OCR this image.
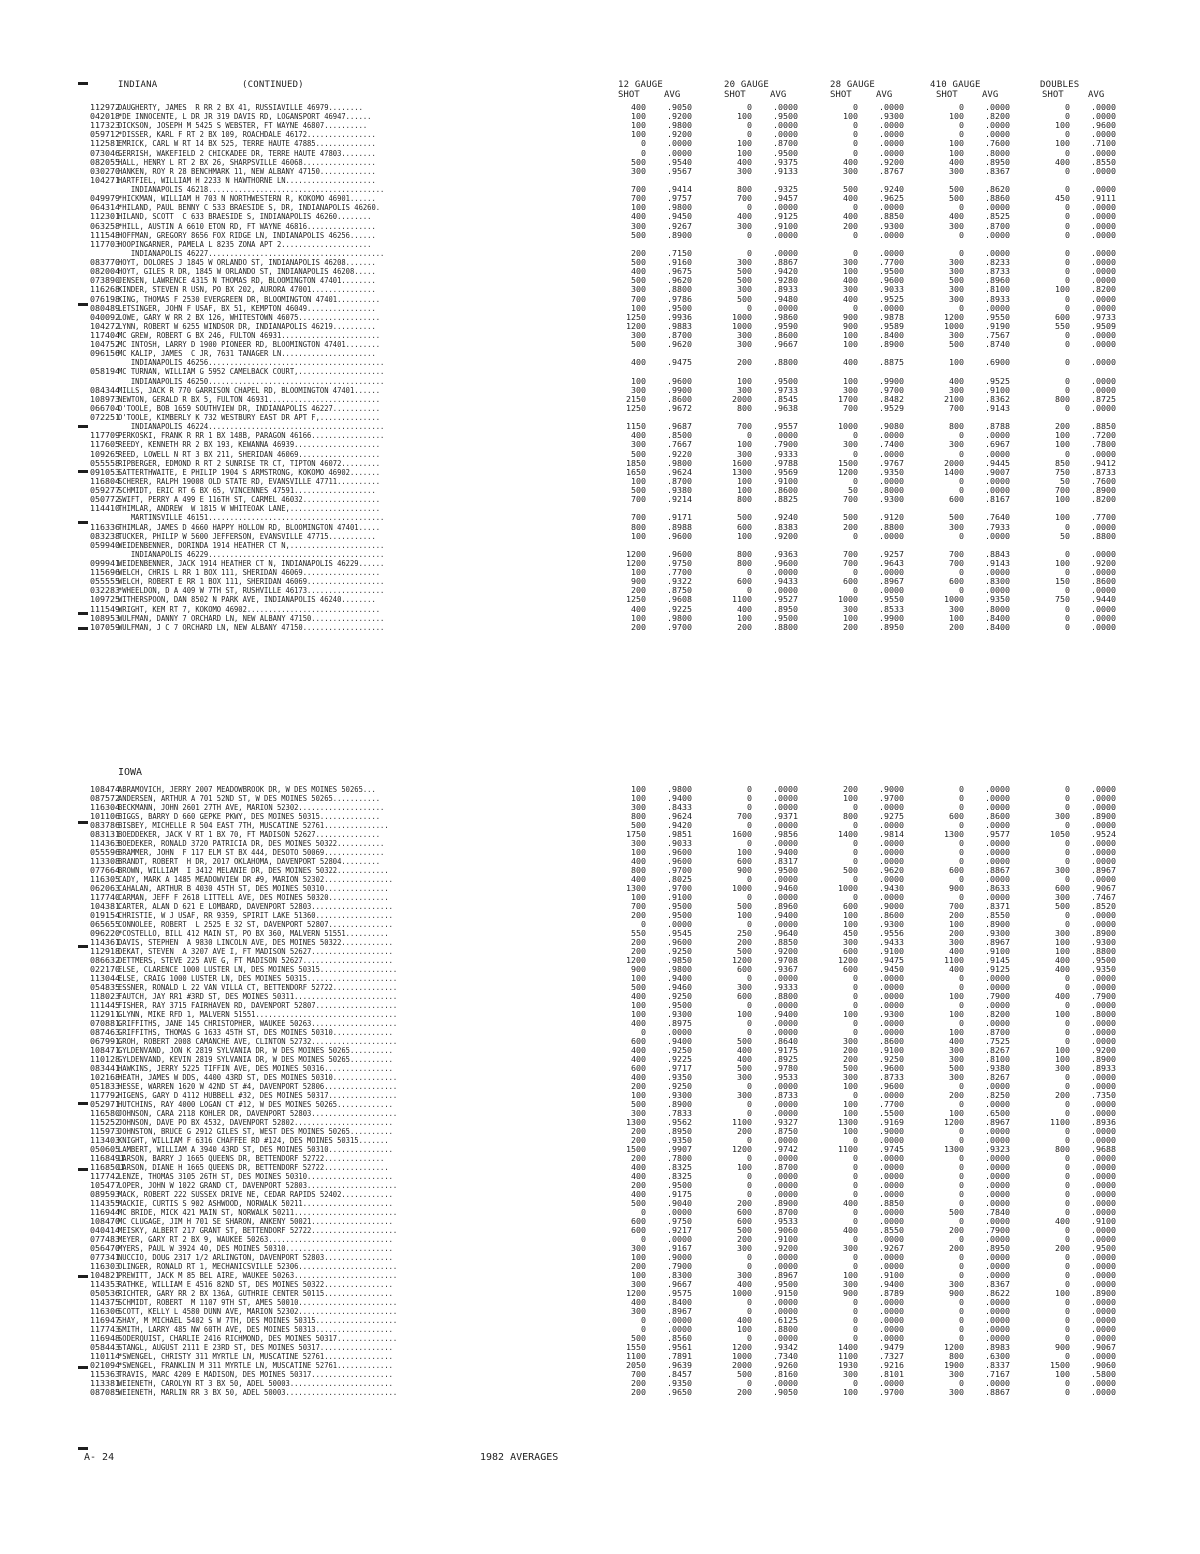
INDIANA	(CONTINUED)	12 GAUGE	20 GAUGE	28 GAUGE	410 GAUGE	DOUBLES
SHOT	AVG	SHOT	AVG	SHOT	AVG	SHOT	AVG	SHOT	AVG
112972
DAUGHERTY, JAMES  R RR 2 BX 41, RUSSIAVILLE 46979........	400	.9050	0	.0000	0	.0000	0	.0000	0	.0000
042018
*DE INNOCENTE, L DR JR 319 DAVIS RD, LOGANSPORT 46947......	100	.9200	100	.9500	100	.9300	100	.8200	0	.0000
117323
DICKSON, JOSEPH M 5425 S WEBSTER, FT WAYNE 46807..........	100	.9800	0	.0000	0	.0000	0	.0000	100	.9600
059712
*DISSER, KARL F RT 2 BX 109, ROACHDALE 46172................	100	.9200	0	.0000	0	.0000	0	.0000	0	.0000
112581
EMRICK, CARL W RT 14 BX 525, TERRE HAUTE 47885..............	0	.0000	100	.8700	0	.0000	100	.7600	100	.7100
073046
GERRISH, WAKEFIELD 2 CHICKADEE DR, TERRE HAUTE 47803........	0	.0000	100	.9500	0	.0000	100	.8000	0	.0000
082055
HALL, HENRY L RT 2 BX 26, SHARPSVILLE 46068.................	500	.9540	400	.9375	400	.9200	400	.8950	400	.8550
030270
HANKEN, ROY R 28 BENCHMARK 11, NEW ALBANY 47150.............	300	.9567	300	.9133	300	.8767	300	.8367	0	.0000
104271
HARTFIEL, WILLIAM H 2233 N HAWTHORNE LN.....................
INDIANAPOLIS 46218.........................................	700	.9414	800	.9325	500	.9240	500	.8620	0	.0000
049979
*HICKMAN, WILLIAM H 703 N NORTHWESTERN R, KOKOMO 46901......	700	.9757	700	.9457	400	.9625	500	.8860	450	.9111
064314
*HILAND, PAUL BENNY C 533 BRAESIDE S, DR, INDIANAPOLIS 46260.	100	.9800	0	.0000	0	.0000	0	.0000	0	.0000
112301
HILAND, SCOTT  C 633 BRAESIDE S, INDIANAPOLIS 46260........	400	.9450	400	.9125	400	.8850	400	.8525	0	.0000
063258
*HILL, AUSTIN A 6610 ETON RD, FT WAYNE 46816................	300	.9267	300	.9100	200	.9300	300	.8700	0	.0000
111548
HOFFMAN, GREGORY 8656 FOX RIDGE LN, INDIANAPOLIS 46256......	500	.8900	0	.0000	0	.0000	0	.0000	0	.0000
117703
HOOPINGARNER, PAMELA L 8235 ZONA APT 2.....................
INDIANAPOLIS 46227.........................................	200	.7150	0	.0000	0	.0000	0	.0000	0	.0000
083770
HOYT, DOLORES J 1845 W ORLANDO ST, INDIANAPOLIS 46208.......	500	.9160	300	.8867	300	.7700	300	.8233	0	.0000
082004
HOYT, GILES R DR, 1845 W ORLANDO ST, INDIANAPOLIS 46208.....	400	.9675	500	.9420	100	.9500	300	.8733	0	.0000
073890
JENSEN, LAWRENCE 4315 N THOMAS RD, BLOOMINGTON 47401........	500	.9620	500	.9280	400	.9600	500	.8960	0	.0000
116268
KINDER, STEVEN R USN, PO BX 202, AURORA 47001...............	300	.8800	300	.8933	300	.9033	300	.8100	100	.8200
076198
KING, THOMAS F 2530 EVERGREEN DR, BLOOMINGTON 47401..........	700	.9786	500	.9480	400	.9525	300	.8933	0	.0000
080489
LETSINGER, JOHN F USAF, BX 51, KEMPTON 46049................	100	.9500	0	.0000	0	.0000	0	.0000	0	.0000
040092
LOWE, GARY W RR 2 BX 126, WHITESTOWN 46075...................	1250	.9936	1000	.9860	900	.9878	1200	.9550	600	.9733
104272
LYNN, ROBERT W 6255 WINDSOR DR, INDIANAPOLIS 46219..........	1200	.9883	1000	.9590	900	.9589	1000	.9190	550	.9509
117404
MC GREW, ROBERT G BX 246, FULTON 46931.......................	300	.8700	300	.8600	100	.8400	300	.7567	0	.0000
104752
MC INTOSH, LARRY D 1900 PIONEER RD, BLOOMINGTON 47401........	500	.9620	300	.9667	100	.8900	500	.8740	0	.0000
096156
MC KALIP, JAMES  C JR, 7631 TANAGER LN......................
INDIANAPOLIS 46256.........................................	400	.9475	200	.8800	400	.8875	100	.6900	0	.0000
058194
MC TURNAN, WILLIAM G 5952 CAMELBACK COURT,....................
INDIANAPOLIS 46250.........................................	100	.9600	100	.9500	100	.9900	400	.9525	0	.0000
084344
MILLS, JACK R 770 GARRISON CHAPEL RD, BLOOMINGTON 47401......	300	.9900	300	.9733	300	.9700	300	.9100	0	.0000
108973
NEWTON, GERALD R BX 5, FULTON 46931..........................	2150	.8600	2000	.8545	1700	.8482	2100	.8362	800	.8725
066704
O'TOOLE, BOB 1659 SOUTHVIEW DR, INDIANAPOLIS 46227...........	1250	.9672	800	.9638	700	.9529	700	.9143	0	.0000
072251
O'TOOLE, KIMBERLY K 732 WESTBURY EAST DR APT F,..............
INDIANAPOLIS 46224.........................................	1150	.9687	700	.9557	1000	.9080	800	.8788	200	.8850
117709
PERKOSKI, FRANK R RR 1 BX 148B, PARAGON 46166.................	400	.8500	0	.0000	0	.0000	0	.0000	100	.7200
117605
REEDY, KENNETH RR 2 BX 193, KEWANNA 46939....................	300	.7667	100	.7900	300	.7400	300	.6967	100	.7800
109265
REED, LOWELL N RT 3 BX 211, SHERIDAN 46069...................	500	.9220	300	.9333	0	.0000	0	.0000	0	.0000
055558
RIPBERGER, EDMOND R RT 2 SUNRISE TR CT, TIPTON 46072.........	1850	.9800	1600	.9788	1500	.9767	2000	.9445	850	.9412
091053
SATTERTHWAITE, E PHILIP 1904 S ARMSTRONG, KOKOMO 46902.......	1650	.9624	1300	.9569	1200	.9350	1400	.9007	750	.8733
116804
SCHERER, RALPH 19008 OLD STATE RD, EVANSVILLE 47711..........	100	.8700	100	.9100	0	.0000	0	.0000	50	.7600
059277
SCHMIDT, ERIC RT 6 BX 65, VINCENNES 47591...................	500	.9380	100	.8600	50	.8000	0	.0000	700	.8900
050772
SWIFT, PERRY A 499 E 116TH ST, CARMEL 46032..................	700	.9214	800	.8825	700	.9300	600	.8167	100	.8200
114410
THIMLAR, ANDREW  W 1815 W WHITEOAK LANE,.....................
MARTINSVILLE 46151.........................................	700	.9171	500	.9240	500	.9120	500	.7640	100	.7700
116336
THIMLAR, JAMES D 4660 HAPPY HOLLOW RD, BLOOMINGTON 47401.....	800	.8988	600	.8383	200	.8800	300	.7933	0	.0000
083238
TUCKER, PHILIP W 5600 JEFFERSON, EVANSVILLE 47715...........	100	.9600	100	.9200	0	.0000	0	.0000	50	.8800
059940
WEIDENBENNER, DORINDA 1914 HEATHER CT N,......................
INDIANAPOLIS 46229.........................................	1200	.9600	800	.9363	700	.9257	700	.8843	0	.0000
099941
WEIDENBENNER, JACK 1914 HEATHER CT N, INDIANAPOLIS 46229......	1200	.9750	800	.9600	700	.9643	700	.9143	100	.9200
115696
WELCH, CHRIS L RR 1 BOX 111, SHERIDAN 46069..................	100	.7700	0	.0000	0	.0000	0	.0000	0	.0000
055555
WELCH, ROBERT E RR 1 BOX 111, SHERIDAN 46069..................	900	.9322	600	.9433	600	.8967	600	.8300	150	.8600
032283
*WHEELDON, D A 409 W 7TH ST, RUSHVILLE 46173..................	200	.8750	0	.0000	0	.0000	0	.0000	0	.0000
109725
WITHERSPOON, DAN 8502 N PARK AVE, INDIANAPOLIS 46240........	1250	.9608	1100	.9527	1000	.9550	1000	.9350	750	.9440
111549
WRIGHT, KEM RT 7, KOKOMO 46902...............................	400	.9225	400	.8950	300	.8533	300	.8000	0	.0000
108953
WULFMAN, DANNY 7 ORCHARD LN, NEW ALBANY 47150.................	100	.9800	100	.9500	100	.9900	100	.8400	0	.0000
107059
WULFMAN, J C 7 ORCHARD LN, NEW ALBANY 47150...................	200	.9700	200	.8800	200	.8950	200	.8400	0	.0000
IOWA
108474
ABRAMOVICH, JERRY 2007 MEADOWBROOK DR, W DES MOINES 50265...	100	.9800	0	.0000	200	.9000	0	.0000	0	.0000
087572
ANDERSEN, ARTHUR A 701 52ND ST, W DES MOINES 50265...........	100	.9400	0	.0000	100	.9700	0	.0000	0	.0000
116304
BECKMANN, JOHN 2601 27TH AVE, MARION 52302....................	300	.8433	0	.0000	0	.0000	0	.0000	0	.0000
101106
BIGGS, BARRY D 660 GEPKE PKWY, DES MOINES 50315..............	800	.9624	700	.9371	800	.9275	600	.8600	300	.8900
083786
BISBEY, MICHELLE R 504 EAST 7TH, MUSCATINE 52761...............	500	.9420	0	.0000	0	.0000	0	.0000	0	.0000
083131
BOEDDEKER, JACK V RT 1 BX 70, FT MADISON 52627...............	1750	.9851	1600	.9856	1400	.9814	1300	.9577	1050	.9524
114363
BOEDEKER, RONALD 3720 PATRICIA DR, DES MOINES 50322...........	300	.9033	0	.0000	0	.0000	0	.0000	0	.0000
055596
BRAMMER, JOHN  F 117 ELM ST BX 444, DESOTO 50069..............	100	.9600	100	.9400	0	.0000	0	.0000	0	.0000
113308
BRANDT, ROBERT  H DR, 2017 OKLAHOMA, DAVENPORT 52804.........	400	.9600	600	.8317	0	.0000	0	.0000	0	.0000
077664
BROWN, WILLIAM  I 3412 MELANIE DR, DES MOINES 50322............	800	.9700	900	.9500	500	.9620	600	.8867	300	.8967
116305
CADY, MARK A 1485 MEADOWVIEW DR #9, MARION 52302................	400	.8025	0	.0000	0	.0000	0	.0000	0	.0000
062063
CAHALAN, ARTHUR B 4030 45TH ST, DES MOINES 50310...............	1300	.9700	1000	.9460	1000	.9430	900	.8633	600	.9067
117740
CARMAN, JEFF F 2618 LITTELL AVE, DES MOINES 50320..............	100	.9100	0	.0000	0	.0000	0	.0000	300	.7467
104381
CARTER, ALAN D 621 E LOMBARD, DAVENPORT 52803...................	700	.9500	500	.8960	600	.9000	700	.8371	500	.8520
019154
CHRISTIE, W J USAF, RR 9359, SPIRIT LAKE 51360..................	200	.9500	100	.9400	100	.8600	200	.8550	0	.0000
065655
CONNOLEE, ROBERT  L 2525 E 32 ST, DAVENPORT 52807...............	0	.0000	0	.0000	100	.9300	100	.8900	0	.0000
096220
*COSTELLO, BILL 412 MAIN ST, PO BX 360, MALVERN 51551..........	550	.9545	250	.9640	450	.9556	200	.9300	300	.8900
114361
DAVIS, STEPHEN  A 9830 LINCOLN AVE, DES MOINES 50322............	200	.9600	200	.8850	300	.9433	300	.8967	100	.9300
112918
DEKAT, STEVEN  A 3207 AVE I, FT MADISON 52627...................	200	.9250	500	.9200	600	.9100	400	.9100	100	.8800
086632
DETTMERS, STEVE 225 AVE G, FT MADISON 52627.....................	1200	.9850	1200	.9708	1200	.9475	1100	.9145	400	.9500
022170
ELSE, CLARENCE 1000 LUSTER LN, DES MOINES 50315..................	900	.9800	600	.9367	600	.9450	400	.9125	400	.9350
113044
ELSE, CRAIG 1000 LUSTER LN, DES MOINES 50315.....................	100	.9400	0	.0000	0	.0000	0	.0000	0	.0000
054835
ESSNER, RONALD L 22 VAN VILLA CT, BETTENDORF 52722...............	500	.9460	300	.9333	0	.0000	0	.0000	0	.0000
118023
FAUTCH, JAY RR1 #3RD ST, DES MOINES 50311........................	400	.9250	600	.8800	0	.0000	100	.7900	400	.7900
111445
FISHER, RAY 3715 FAIRHAVEN RD, DAVENPORT 52807...................	100	.9500	0	.0000	0	.0000	0	.0000	0	.0000
112911
GLYNN, MIKE RFD 1, MALVERN 51551.................................	100	.9300	100	.9400	100	.9300	100	.8200	100	.8000
070881
GRIFFITHS, JANE 145 CHRISTOPHER, WAUKEE 50263....................	400	.8975	0	.0000	0	.0000	0	.0000	0	.0000
087463
GRIFFITHS, THOMAS G 1633 45TH ST, DES MOINES 50310..............	0	.0000	0	.0000	0	.0000	100	.8700	0	.0000
067991
GROH, ROBERT 2008 CAMANCHE AVE, CLINTON 52732....................	600	.9400	500	.8640	300	.8600	400	.7525	0	.0000
108471
GYLDENVAND, JON K 2819 SYLVANIA DR, W DES MOINES 50265..........	400	.9250	400	.9175	200	.9100	300	.8267	100	.9200
110128
GYLDENVAND, KEVIN 2819 SYLVANIA DR, W DES MOINES 50265..........	400	.9225	400	.8925	200	.9250	300	.8100	100	.8900
083441
HAWKINS, JERRY 5225 TIFFIN AVE, DES MOINES 50316................	600	.9717	500	.9780	500	.9600	500	.9380	300	.8933
102168
HEATH, JAMES W DDS, 4400 43RD ST, DES MOINES 50310...............	400	.9350	300	.9533	300	.8733	300	.8267	0	.0000
051833
HESSE, WARREN 1620 W 42ND ST #4, DAVENPORT 52806.................	200	.9250	0	.0000	100	.9600	0	.0000	0	.0000
117792
HIGENS, GARY D 4112 HUBBELL #32, DES MOINES 50317................	100	.9300	300	.8733	0	.0000	200	.8250	200	.7350
052971
HUTCHINS, RAY 4000 LOGAN CT #12, W DES MOINES 50265.............	500	.8900	0	.0000	100	.7700	0	.0000	0	.0000
116580
JOHNSON, CARA 2118 KOHLER DR, DAVENPORT 52803....................	300	.7833	0	.0000	100	.5500	100	.6500	0	.0000
115252
JOHNSON, DAVE PO BX 4532, DAVENPORT 52802.......................	1300	.9562	1100	.9327	1300	.9169	1200	.8967	1100	.8936
115973
JOHNSTON, BRUCE G 2912 GILES ST, WEST DES MOINES 50265..........	200	.8950	200	.8750	100	.9000	0	.0000	0	.0000
113403
KNIGHT, WILLIAM F 6316 CHAFFEE RD #124, DES MOINES 50315.......	200	.9350	0	.0000	0	.0000	0	.0000	0	.0000
050605
LAMBERT, WILLIAM A 3940 43RD ST, DES MOINES 50310...............	1500	.9907	1200	.9742	1100	.9745	1300	.9323	800	.9688
116849I
LARSON, BARRY J 1665 QUEENS DR, BETTENDORF 52722..............	200	.7800	0	.0000	0	.0000	0	.0000	0	.0000
116850I
LARSON, DIANE H 1665 QUEENS DR, BETTENDORF 52722...............	400	.8325	100	.8700	0	.0000	0	.0000	0	.0000
117742
LENZE, THOMAS 3105 26TH ST, DES MOINES 50310....................	400	.8325	0	.0000	0	.0000	0	.0000	0	.0000
105477
LOPER, JOHN W 1022 GRAND CT, DAVENPORT 52803.....................	200	.9500	0	.0000	0	.0000	0	.0000	0	.0000
089593
MACK, ROBERT 222 SUSSEX DRIVE NE, CEDAR RAPIDS 52402............	400	.9175	0	.0000	0	.0000	0	.0000	0	.0000
114355
MACKIE, CURTIS S 902 ASHWOOD, NORWALK 50211.....................	500	.9040	200	.8900	400	.8850	0	.0000	0	.0000
116944
MC BRIDE, MICK 421 MAIN ST, NORWALK 50211........................	0	.0000	600	.8700	0	.0000	500	.7840	0	.0000
108470
MC CLUGAGE, JIM H 701 SE SHARON, ANKENY 50021...................	600	.9750	600	.9533	0	.0000	0	.0000	400	.9100
040414
MEISKY, ALBERT 217 GRANT ST, BETTENDORF 52722....................	600	.9217	500	.9060	400	.8550	200	.7900	0	.0000
077483
MEYER, GARY RT 2 BX 9, WAUKEE 50263.............................	0	.0000	200	.9100	0	.0000	0	.0000	0	.0000
056470
MYERS, PAUL W 3924 40, DES MOINES 50310.........................	300	.9167	300	.9200	300	.9267	200	.8950	200	.9500
077341
NUCCIO, DOUG 2317 1/2 ARLINGTON, DAVENPORT 52803................	100	.9000	0	.0000	0	.0000	0	.0000	0	.0000
116303
OLINGER, RONALD RT 1, MECHANICSVILLE 52306.......................	200	.7900	0	.0000	0	.0000	0	.0000	0	.0000
104821
PREWITT, JACK M 85 BEL AIRE, WAUKEE 50263........................	100	.8300	300	.8967	100	.9100	0	.0000	0	.0000
114353
RATHKE, WILLIAM E 4516 82ND ST, DES MOINES 50322................	300	.9667	400	.9500	300	.9400	300	.8367	0	.0000
050536
RICHTER, GARY RR 2 BX 136A, GUTHRIE CENTER 50115................	1200	.9575	1000	.9150	900	.8789	900	.8622	100	.8900
114375
SCHMIDT, ROBERT  M 1107 9TH ST, AMES 50010.......................	400	.8400	0	.0000	0	.0000	0	.0000	0	.0000
116306
SCOTT, KELLY L 4580 DUNN AVE, MARION 52302.......................	300	.8967	0	.0000	0	.0000	0	.0000	0	.0000
116947
SHAY, M MICHAEL 5402 S W 7TH, DES MOINES 50315...................	0	.0000	400	.6125	0	.0000	0	.0000	0	.0000
117743
SMITH, LARRY 485 NW 60TH AVE, DES MOINES 50313..................	0	.0000	100	.8800	0	.0000	0	.0000	0	.0000
116948
SODERQUIST, CHARLIE 2416 RICHMOND, DES MOINES 50317..............	500	.8560	0	.0000	0	.0000	0	.0000	0	.0000
058443
STANGL, AUGUST 2111 E 23RD ST, DES MOINES 50317.................	1550	.9561	1200	.9342	1400	.9479	1200	.8983	900	.9067
110114
*SWENGEL, CHRISTY 311 MYRTLE LN, MUSCATINE 52761................	1100	.7891	1000	.7340	1100	.7327	800	.6300	0	.0000
021094
*SWENGEL, FRANKLIN M 311 MYRTLE LN, MUSCATINE 52761.............	2050	.9639	2000	.9260	1930	.9216	1900	.8337	1500	.9060
115363
TRAVIS, MARC 4209 E MADISON, DES MOINES 50317...................	700	.8457	500	.8160	300	.8101	300	.7167	100	.5800
113381
WEIENETH, CAROLYN RT 3 BX 50, ADEL 50003........................	200	.9350	0	.0000	0	.0000	0	.0000	0	.0000
087085
WEIENETH, MARLIN RR 3 BX 50, ADEL 50003..........................	200	.9650	200	.9050	100	.9700	300	.8867	0	.0000
A- 24	1982 AVERAGES
